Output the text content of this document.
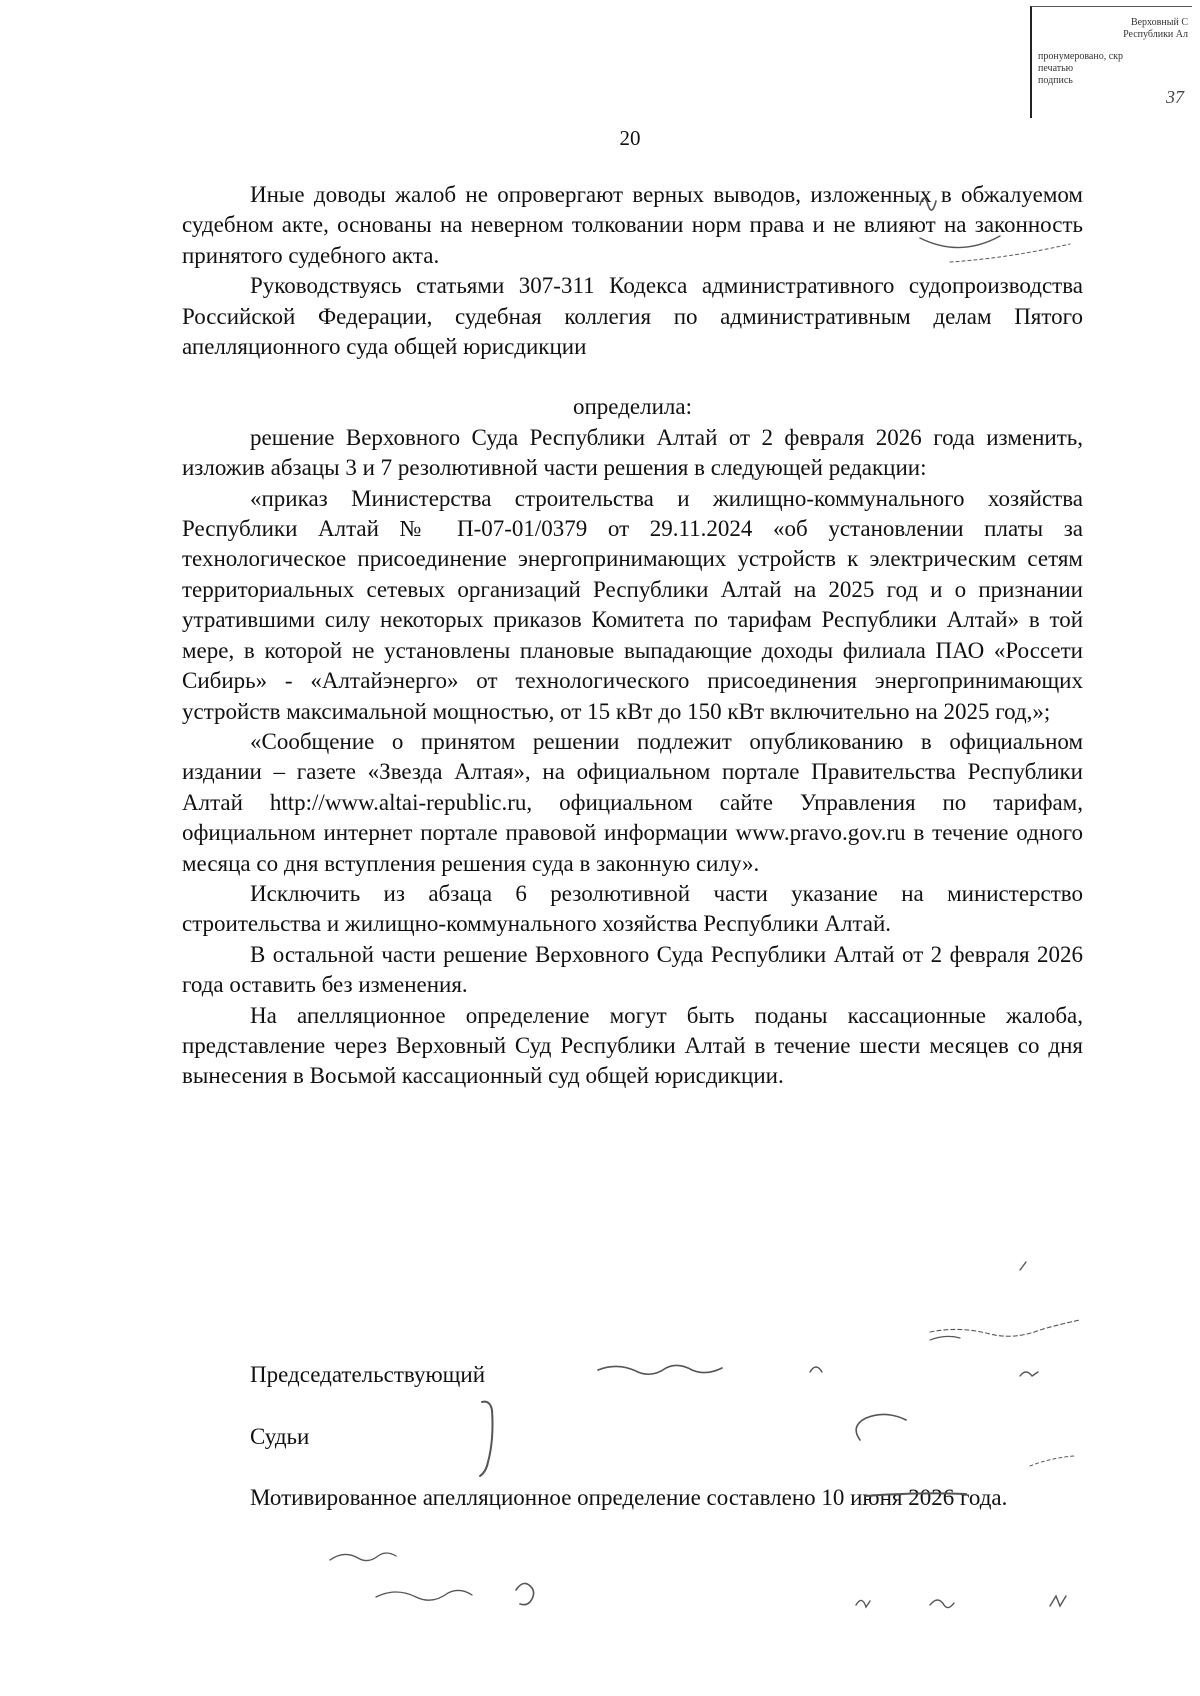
Верховный С
Республики Ал
пронумеровано, скр
печатью
подпись
37
20

Иные доводы жалоб не опровергают верных выводов, изложенных в обжалуемом судебном акте, основаны на неверном толковании норм права и не влияют на законность принятого судебного акта.

Руководствуясь статьями 307-311 Кодекса административного судопроизводства Российской Федерации, судебная коллегия по административным делам Пятого апелляционного суда общей юрисдикции

определила:

решение Верховного Суда Республики Алтай от 2 февраля 2026 года изменить, изложив абзацы 3 и 7 резолютивной части решения в следующей редакции:

«приказ Министерства строительства и жилищно-коммунального хозяйства Республики Алтай № П-07-01/0379 от 29.11.2024 «об установлении платы за технологическое присоединение энергопринимающих устройств к электрическим сетям территориальных сетевых организаций Республики Алтай на 2025 год и о признании утратившими силу некоторых приказов Комитета по тарифам Республики Алтай» в той мере, в которой не установлены плановые выпадающие доходы филиала ПАО «Россети Сибирь» - «Алтайэнерго» от технологического присоединения энергопринимающих устройств максимальной мощностью, от 15 кВт до 150 кВт включительно на 2025 год,»;

«Сообщение о принятом решении подлежит опубликованию в официальном издании – газете «Звезда Алтая», на официальном портале Правительства Республики Алтай http://www.altai-republic.ru, официальном сайте Управления по тарифам, официальном интернет портале правовой информации www.pravo.gov.ru в течение одного месяца со дня вступления решения суда в законную силу».

Исключить из абзаца 6 резолютивной части указание на министерство строительства и жилищно-коммунального хозяйства Республики Алтай.

В остальной части решение Верховного Суда Республики Алтай от 2 февраля 2026 года оставить без изменения.

На апелляционное определение могут быть поданы кассационные жалоба, представление через Верховный Суд Республики Алтай в течение шести месяцев со дня вынесения в Восьмой кассационный суд общей юрисдикции.

Председательствующий
Судьи

Мотивированное апелляционное определение составлено 10 июня 2026 года.
